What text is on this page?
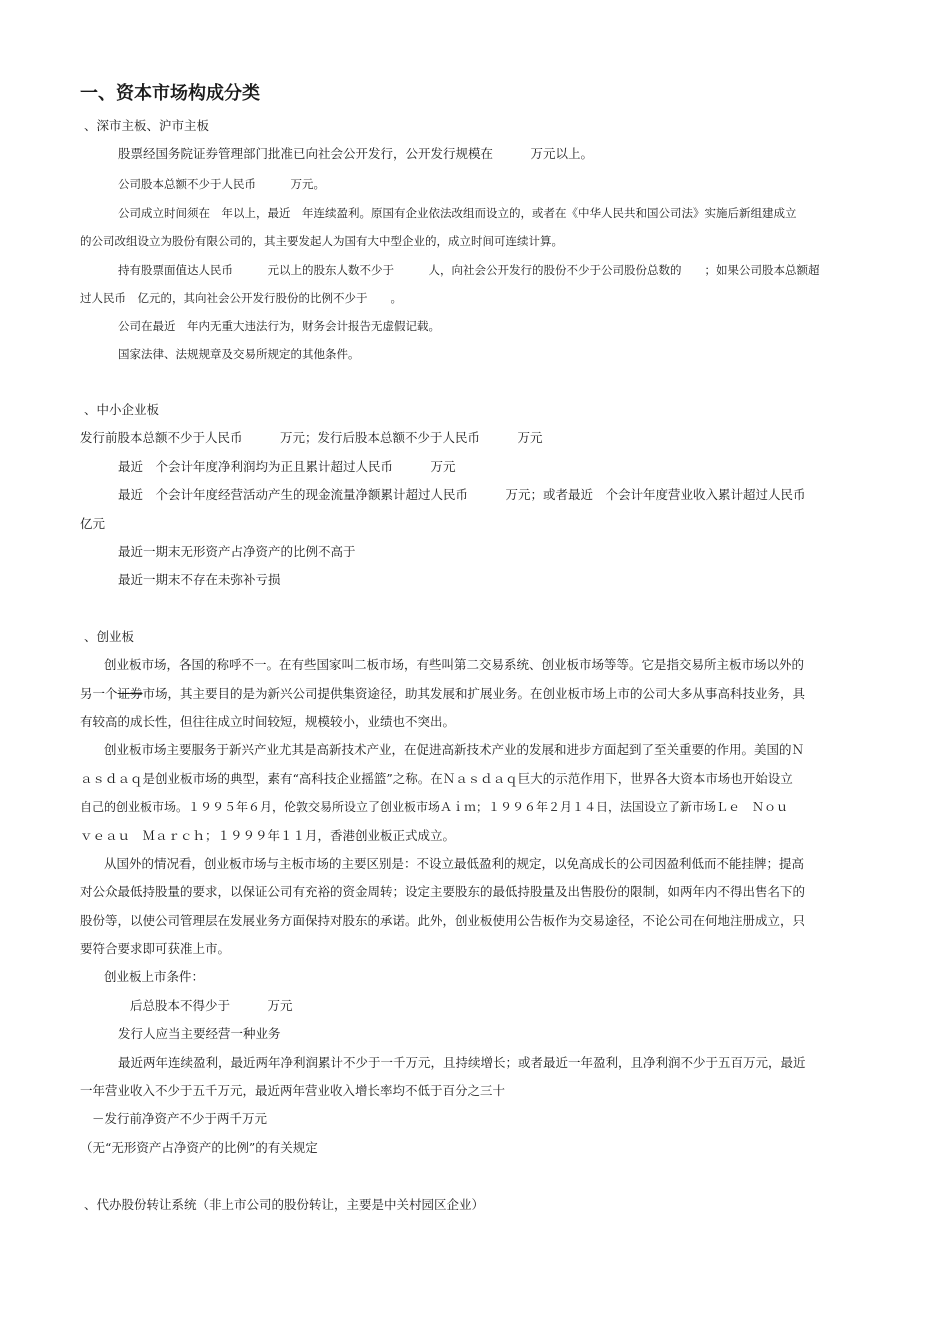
一、资本市场构成分类

、深市主板、沪市主板

股票经国务院证券管理部门批准已向社会公开发行，公开发行规模在　　　万元以上。

公司股本总额不少于人民币　　　万元。

公司成立时间须在　年以上，最近　年连续盈利。原国有企业依法改组而设立的，或者在《中华人民共和国公司法》实施后新组建成立

的公司改组设立为股份有限公司的，其主要发起人为国有大中型企业的，成立时间可连续计算。

持有股票面值达人民币　　　元以上的股东人数不少于　　　人，向社会公开发行的股份不少于公司股份总数的　　；如果公司股本总额超

过人民币　亿元的，其向社会公开发行股份的比例不少于　　。

公司在最近　年内无重大违法行为，财务会计报告无虚假记载。

国家法律、法规规章及交易所规定的其他条件。

、中小企业板

发行前股本总额不少于人民币　　　万元；发行后股本总额不少于人民币　　　万元

最近　个会计年度净利润均为正且累计超过人民币　　　万元

最近　个会计年度经营活动产生的现金流量净额累计超过人民币　　　万元；或者最近　个会计年度营业收入累计超过人民币

亿元

最近一期末无形资产占净资产的比例不高于

最近一期末不存在未弥补亏损

、创业板

创业板市场，各国的称呼不一。在有些国家叫二板市场，有些叫第二交易系统、创业板市场等等。它是指交易所主板市场以外的

另一个证券市场，其主要目的是为新兴公司提供集资途径，助其发展和扩展业务。在创业板市场上市的公司大多从事高科技业务，具

有较高的成长性，但往往成立时间较短，规模较小，业绩也不突出。

创业板市场主要服务于新兴产业尤其是高新技术产业，在促进高新技术产业的发展和进步方面起到了至关重要的作用。美国的Ｎ

ａｓｄａｑ是创业板市场的典型，素有“高科技企业摇篮”之称。在Ｎａｓｄａｑ巨大的示范作用下，世界各大资本市场也开始设立

自己的创业板市场。１９９５年６月，伦敦交易所设立了创业板市场Ａｉｍ；１９９６年２月１４日，法国设立了新市场Ｌｅ　Ｎｏｕ

ｖｅａｕ　Ｍａｒｃｈ；１９９９年１１月，香港创业板正式成立。

从国外的情况看，创业板市场与主板市场的主要区别是：不设立最低盈利的规定，以免高成长的公司因盈利低而不能挂牌；提高

对公众最低持股量的要求，以保证公司有充裕的资金周转；设定主要股东的最低持股量及出售股份的限制，如两年内不得出售名下的

股份等，以使公司管理层在发展业务方面保持对股东的承诺。此外，创业板使用公告板作为交易途径，不论公司在何地注册成立，只

要符合要求即可获准上市。

创业板上市条件：

后总股本不得少于　　　万元

发行人应当主要经营一种业务

最近两年连续盈利，最近两年净利润累计不少于一千万元，且持续增长；或者最近一年盈利，且净利润不少于五百万元，最近

一年营业收入不少于五千万元，最近两年营业收入增长率均不低于百分之三十

－发行前净资产不少于两千万元

（无“无形资产占净资产的比例”的有关规定

、代办股份转让系统（非上市公司的股份转让，主要是中关村园区企业）
